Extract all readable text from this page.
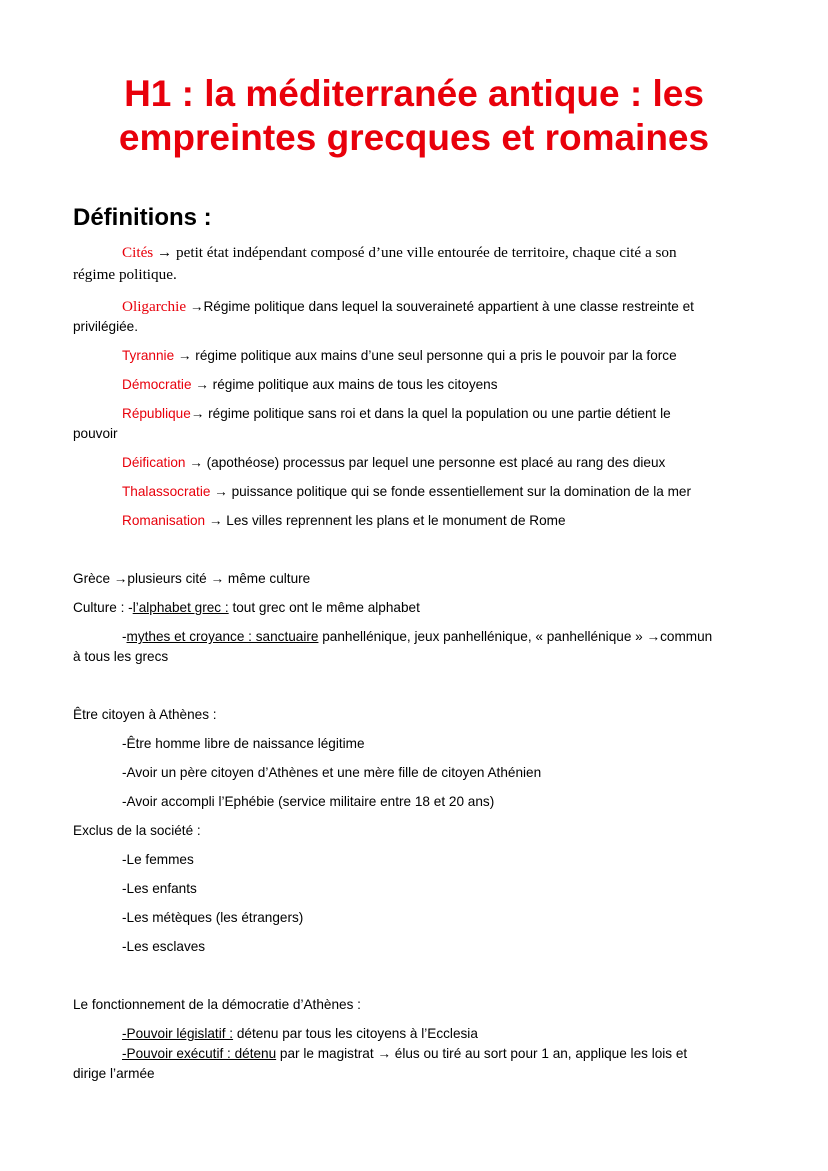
H1 : la méditerranée antique : les
empreintes grecques et romaines
Définitions :
Cités → petit état indépendant composé d’une ville entourée de territoire, chaque cité a son
régime politique.
Oligarchie →Régime politique dans lequel la souveraineté appartient à une classe restreinte et
privilégiée.
Tyrannie → régime politique aux mains d’une seul personne qui a pris le pouvoir par la force
Démocratie → régime politique aux mains de tous les citoyens
République→ régime politique sans roi et dans la quel la population ou une partie détient le
pouvoir
Déification → (apothéose) processus par lequel une personne est placé au rang des dieux
Thalassocratie → puissance politique qui se fonde essentiellement sur la domination de la mer
Romanisation → Les villes reprennent les plans et le monument de Rome
Grèce →plusieurs cité → même culture
Culture : -l’alphabet grec : tout grec ont le même alphabet
-mythes et croyance : sanctuaire panhellénique, jeux panhellénique, « panhellénique » →commun
à tous les grecs
Être citoyen à Athènes :
-Être homme libre de naissance légitime
-Avoir un père citoyen d’Athènes et une mère fille de citoyen Athénien
-Avoir accompli l’Ephébie (service militaire entre 18 et 20 ans)
Exclus de la société :
-Le femmes
-Les enfants
-Les métèques (les étrangers)
-Les esclaves
Le fonctionnement de la démocratie d’Athènes :
-Pouvoir législatif : détenu par tous les citoyens à l’Ecclesia
-Pouvoir exécutif : détenu par le magistrat → élus ou tiré au sort pour 1 an, applique les lois et
dirige l’armée
